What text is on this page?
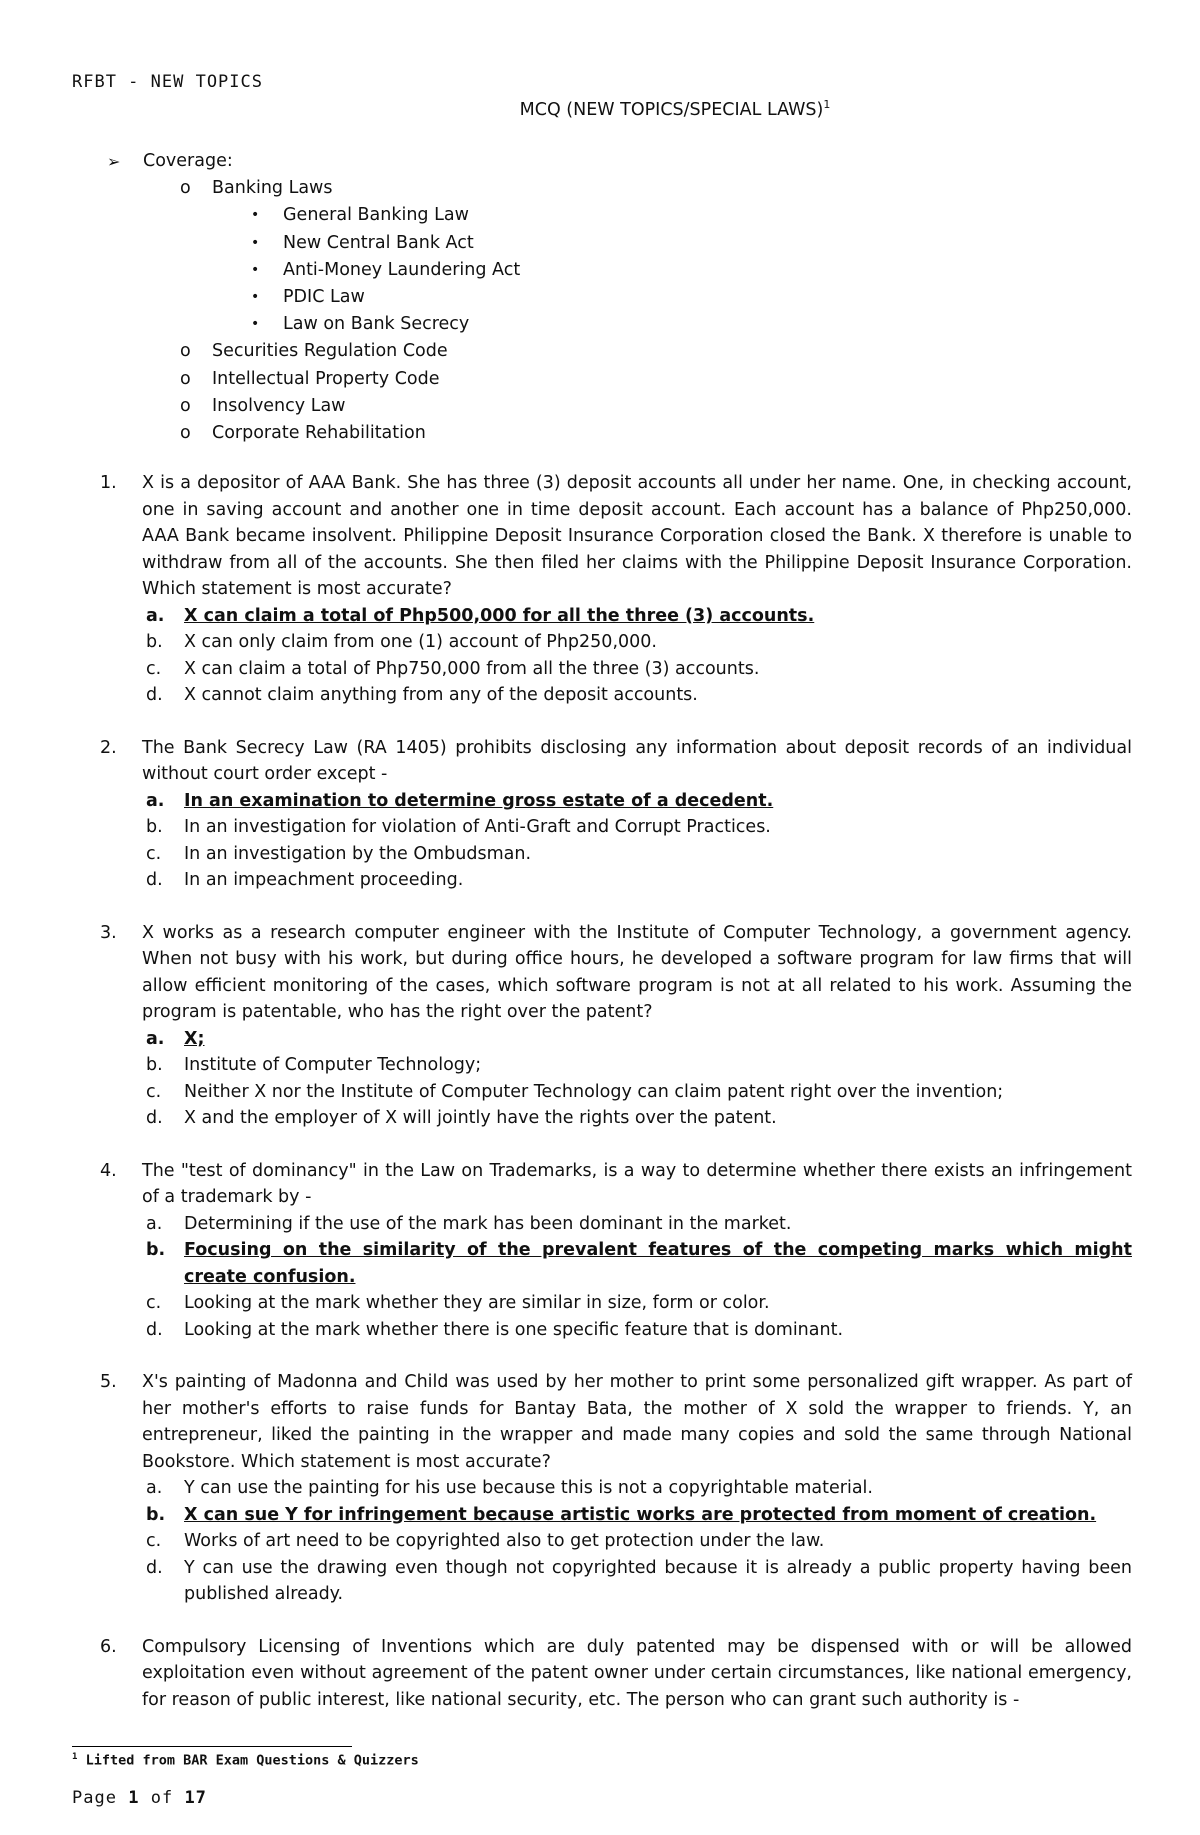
RFBT - NEW TOPICS
MCQ (NEW TOPICS/SPECIAL LAWS)$^1$
➢ Coverage:
o Banking Laws
• General Banking Law
• New Central Bank Act
• Anti-Money Laundering Act
• PDIC Law
• Law on Bank Secrecy
o Securities Regulation Code
o Intellectual Property Code
o Insolvency Law
o Corporate Rehabilitation
1. X is a depositor of AAA Bank. She has three (3) deposit accounts all under her name. One, in checking account, one in saving account and another one in time deposit account. Each account has a balance of Php250,000. AAA Bank became insolvent. Philippine Deposit Insurance Corporation closed the Bank. X therefore is unable to withdraw from all of the accounts. She then filed her claims with the Philippine Deposit Insurance Corporation. Which statement is most accurate?
a. X can claim a total of Php500,000 for all the three (3) accounts.
b. X can only claim from one (1) account of Php250,000.
c. X can claim a total of Php750,000 from all the three (3) accounts.
d. X cannot claim anything from any of the deposit accounts.
2. The Bank Secrecy Law (RA 1405) prohibits disclosing any information about deposit records of an individual without court order except -
a. In an examination to determine gross estate of a decedent.
b. In an investigation for violation of Anti-Graft and Corrupt Practices.
c. In an investigation by the Ombudsman.
d. In an impeachment proceeding.
3. X works as a research computer engineer with the Institute of Computer Technology, a government agency. When not busy with his work, but during office hours, he developed a software program for law firms that will allow efficient monitoring of the cases, which software program is not at all related to his work. Assuming the program is patentable, who has the right over the patent?
a. X;
b. Institute of Computer Technology;
c. Neither X nor the Institute of Computer Technology can claim patent right over the invention;
d. X and the employer of X will jointly have the rights over the patent.
4. The "test of dominancy" in the Law on Trademarks, is a way to determine whether there exists an infringement of a trademark by -
a. Determining if the use of the mark has been dominant in the market.
b. Focusing on the similarity of the prevalent features of the competing marks which might create confusion.
c. Looking at the mark whether they are similar in size, form or color.
d. Looking at the mark whether there is one specific feature that is dominant.
5. X's painting of Madonna and Child was used by her mother to print some personalized gift wrapper. As part of her mother's efforts to raise funds for Bantay Bata, the mother of X sold the wrapper to friends. Y, an entrepreneur, liked the painting in the wrapper and made many copies and sold the same through National Bookstore. Which statement is most accurate?
a. Y can use the painting for his use because this is not a copyrightable material.
b. X can sue Y for infringement because artistic works are protected from moment of creation.
c. Works of art need to be copyrighted also to get protection under the law.
d. Y can use the drawing even though not copyrighted because it is already a public property having been published already.
6. Compulsory Licensing of Inventions which are duly patented may be dispensed with or will be allowed exploitation even without agreement of the patent owner under certain circumstances, like national emergency, for reason of public interest, like national security, etc. The person who can grant such authority is -
$^1$ Lifted from BAR Exam Questions & Quizzers
Page 1 of 17
